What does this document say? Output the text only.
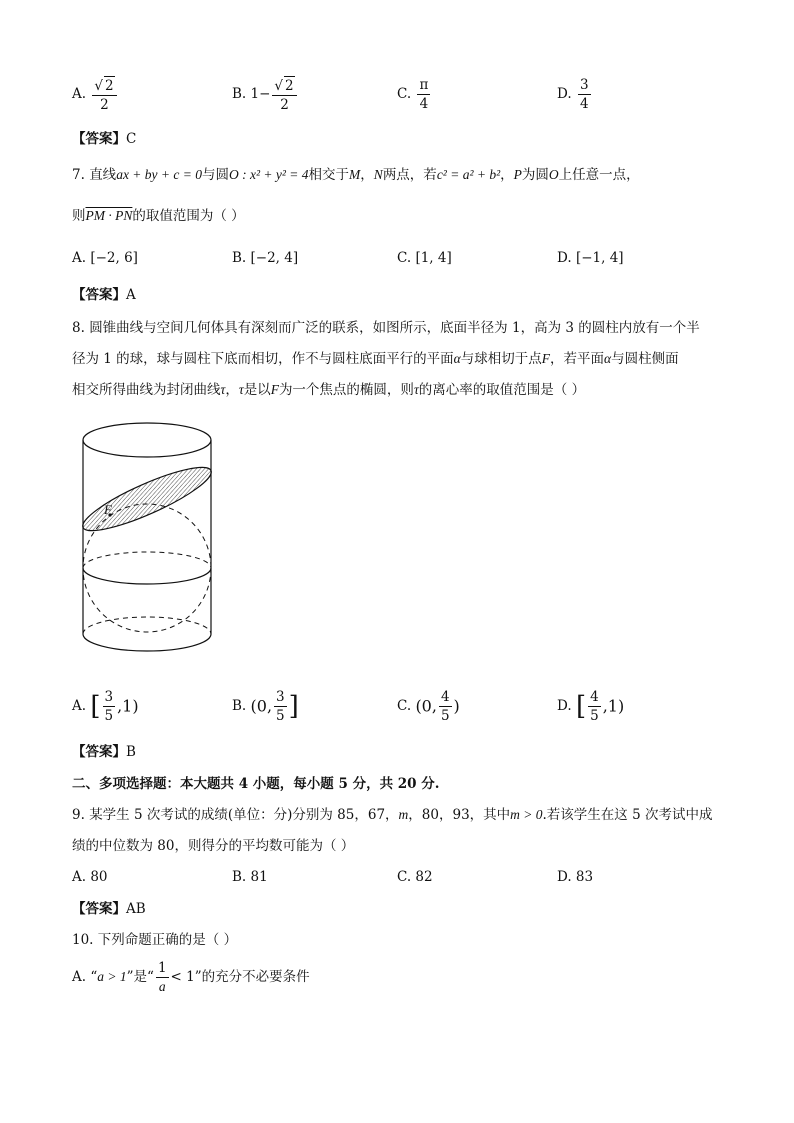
A. $\frac{√ 2}{2}$	B. $1- \frac{√ 2}{2}$	C. $\frac{\pi}{4}$	D. $\frac{3}{4}$
【答案】C
7. 直线ax + by + c = 0与圆O : x² + y² = 4相交于M，N两点，若c² = a² + b²，P为圆O上任意一点，
则PM · PN的取值范围为（ ）
A. [−2, 6]	B. [−2, 4]	C. [1, 4]	D. [−1, 4]
【答案】A
8. 圆锥曲线与空间几何体具有深刻而广泛的联系，如图所示，底面半径为 1，高为 3 的圆柱内放有一个半
径为 1 的球，球与圆柱下底而相切，作不与圆柱底面平行的平面α与球相切于点F，若平面α与圆柱侧面
相交所得曲线为封闭曲线τ，τ是以F为一个焦点的椭圆，则τ的离心率的取值范围是（ ）
F
A. [ $\frac{3}{5} ,1$)	B. (0, $\frac{3}{5}$ ]	C. (0, $\frac{4}{5}$ )	D. [ $\frac{4}{5} ,1$)
【答案】B
二、多项选择题：本大题共 4 小题，每小题 5 分，共 20 分.
9. 某学生 5 次考试的成绩(单位：分)分别为 85，67，m，80，93，其中m > 0.若该学生在这 5 次考试中成
绩的中位数为 80，则得分的平均数可能为（ ）
A. 80	B. 81	C. 82	D. 83
【答案】AB
10. 下列命题正确的是（ ）
A. “a > 1”是“ $\frac{1}{a} < 1$”的充分不必要条件
